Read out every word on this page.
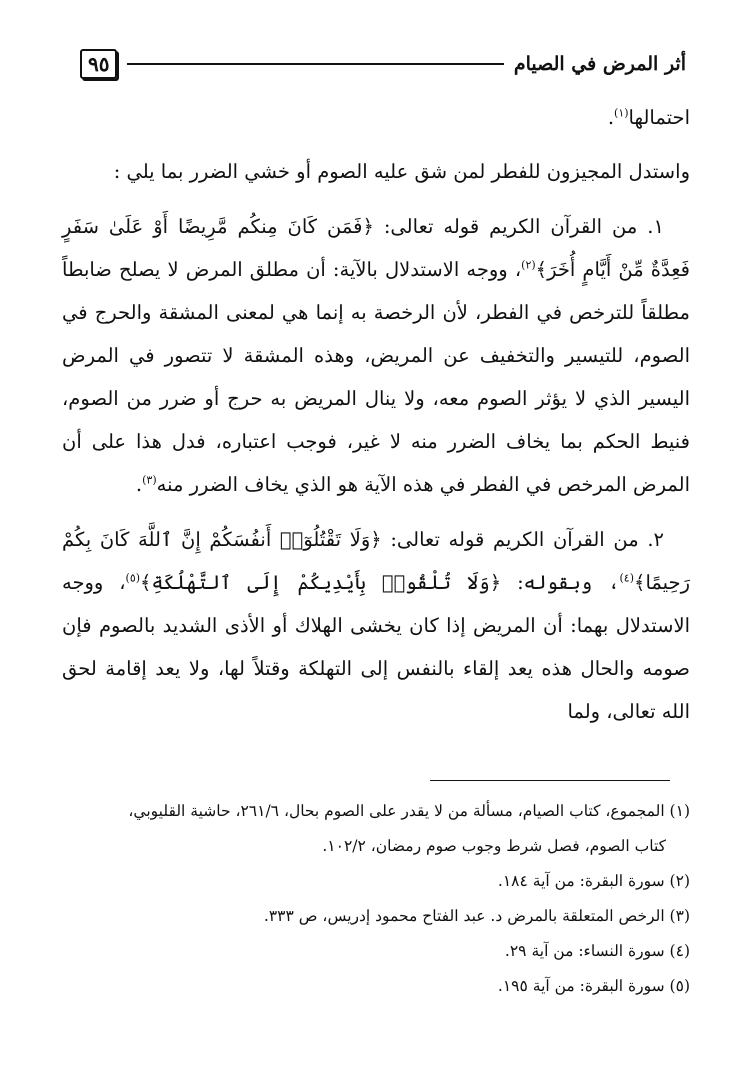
أثر المرض في الصيام
٩٥

احتمالها$^{(١)}$.

واستدل المجيزون للفطر لمن شق عليه الصوم أو خشي الضرر بما يلي :

١. من القرآن الكريم قوله تعالى: ﴿فَمَن كَانَ مِنكُم مَّرِيضًا أَوْ عَلَىٰ سَفَرٍ فَعِدَّةٌ مِّنْ أَيَّامٍ أُخَرَ﴾$^{(٢)}$، ووجه الاستدلال بالآية: أن مطلق المرض لا يصلح ضابطاً مطلقاً للترخص في الفطر، لأن الرخصة به إنما هي لمعنى المشقة والحرج في الصوم، للتيسير والتخفيف عن المريض، وهذه المشقة لا تتصور في المرض اليسير الذي لا يؤثر الصوم معه، ولا ينال المريض به حرج أو ضرر من الصوم، فنيط الحكم بما يخاف الضرر منه لا غير، فوجب اعتباره، فدل هذا على أن المرض المرخص في الفطر في هذه الآية هو الذي يخاف الضرر منه$^{(٣)}$.

٢. من القرآن الكريم قوله تعالى: ﴿وَلَا تَقْتُلُوٓا۟ أَنفُسَكُمْ إِنَّ ٱللَّهَ كَانَ بِكُمْ رَحِيمًا﴾$^{(٤)}$، وبقوله: ﴿وَلَا تُلْقُوا۟ بِأَيْدِيكُمْ إِلَى ٱلتَّهْلُكَةِ﴾$^{(٥)}$، ووجه الاستدلال بهما: أن المريض إذا كان يخشى الهلاك أو الأذى الشديد بالصوم فإن صومه والحال هذه يعد إلقاء بالنفس إلى التهلكة وقتلاً لها، ولا يعد إقامة لحق الله تعالى، ولما

(١) المجموع، كتاب الصيام، مسألة من لا يقدر على الصوم بحال، ٢٦١/٦، حاشية القليوبي،

كتاب الصوم، فصل شرط وجوب صوم رمضان، ١٠٢/٢.

(٢) سورة البقرة: من آية ١٨٤.

(٣) الرخص المتعلقة بالمرض د. عبد الفتاح محمود إدريس، ص ٣٣٣.

(٤) سورة النساء: من آية ٢٩.

(٥) سورة البقرة: من آية ١٩٥.
